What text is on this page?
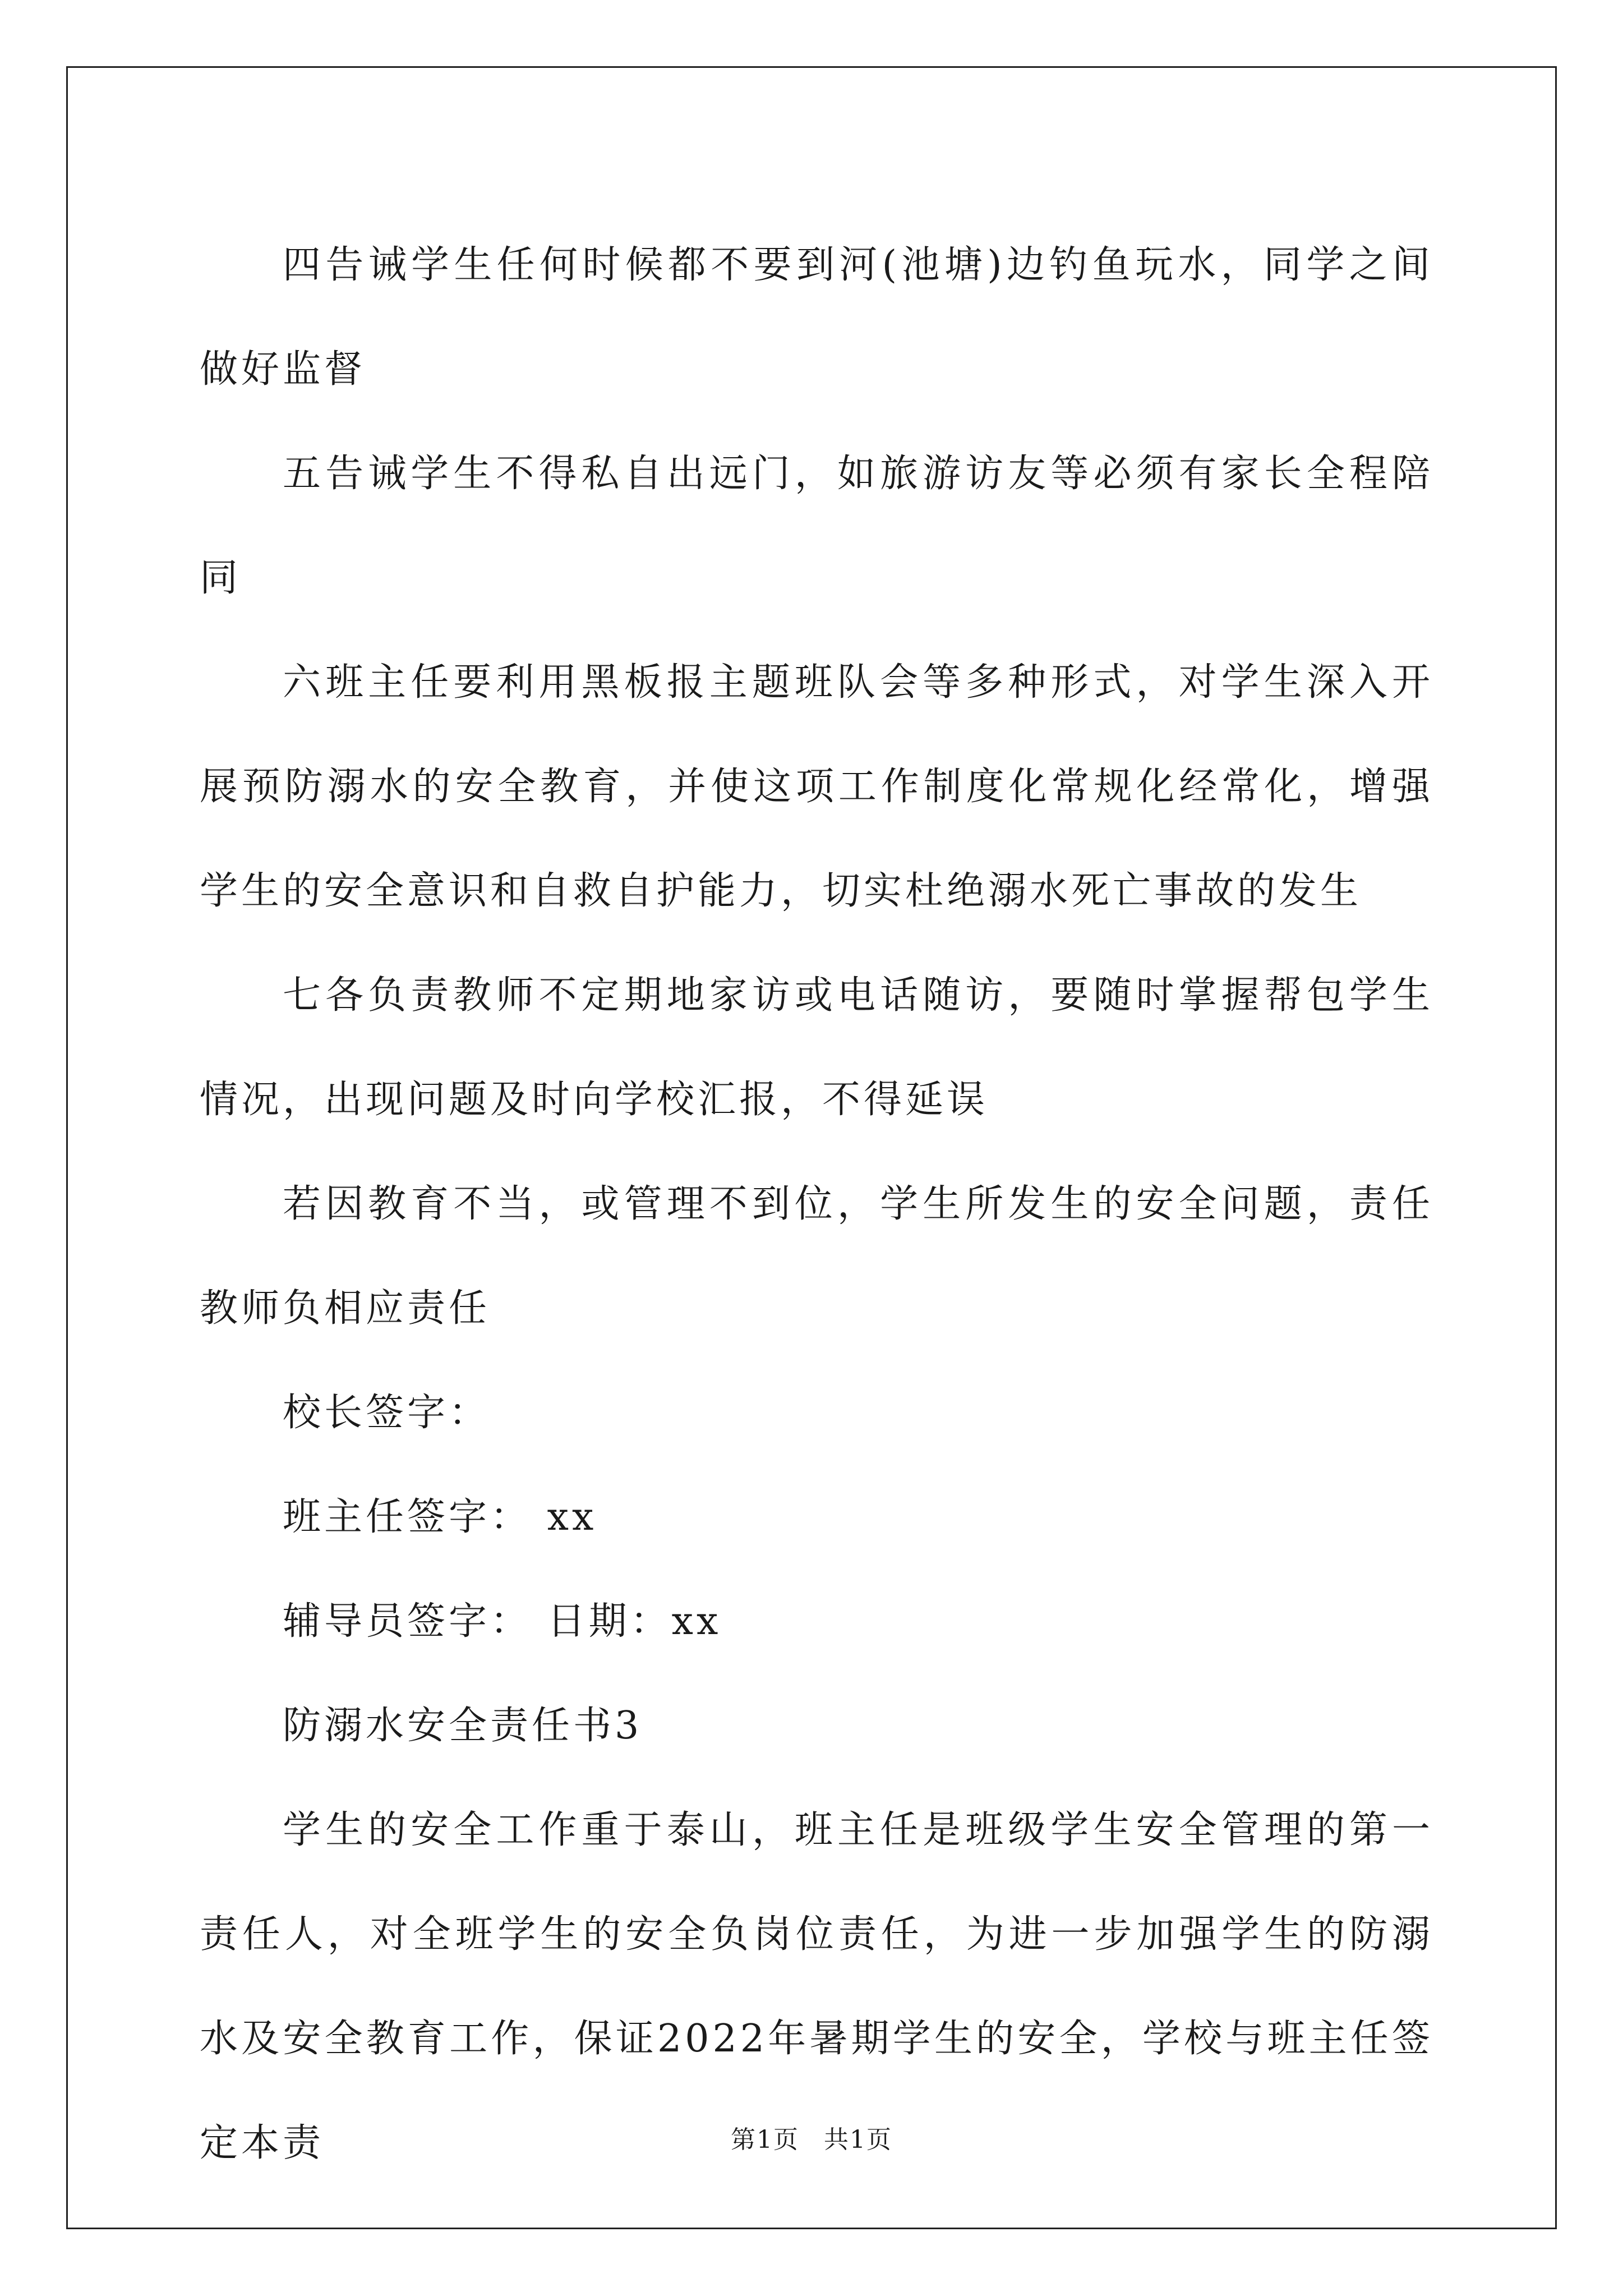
四告诫学生任何时候都不要到河(池塘)边钓鱼玩水，同学之间做好监督

五告诫学生不得私自出远门，如旅游访友等必须有家长全程陪同

六班主任要利用黑板报主题班队会等多种形式，对学生深入开展预防溺水的安全教育，并使这项工作制度化常规化经常化，增强学生的安全意识和自救自护能力，切实杜绝溺水死亡事故的发生

七各负责教师不定期地家访或电话随访，要随时掌握帮包学生情况，出现问题及时向学校汇报，不得延误

若因教育不当，或管理不到位，学生所发生的安全问题，责任教师负相应责任

校长签字：

班主任签字： xx

辅导员签字： 日期：xx

防溺水安全责任书3

学生的安全工作重于泰山，班主任是班级学生安全管理的第一责任人，对全班学生的安全负岗位责任，为进一步加强学生的防溺水及安全教育工作，保证2022年暑期学生的安全，学校与班主任签定本责	第1页 共1页
